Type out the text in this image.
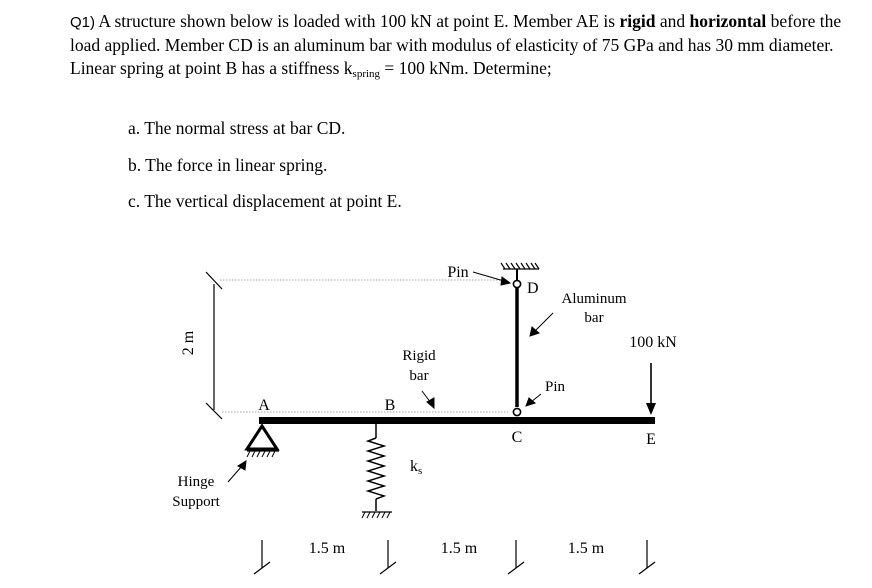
Q1) A structure shown below is loaded with 100 kN at point E. Member AE is rigid and horizontal before the load applied. Member CD is an aluminum bar with modulus of elasticity of 75 GPa and has 30 mm diameter. Linear spring at point B has a stiffness $k_{spring} = 100$ kNm. Determine;
a. The normal stress at bar CD.
b. The force in linear spring.
c. The vertical displacement at point E.
2 m
Pin
D
Aluminum
bar
100 kN
Rigid
bar
Pin
A	B
C	E
ks
Hinge
Support
1.5 m	1.5 m	1.5 m
